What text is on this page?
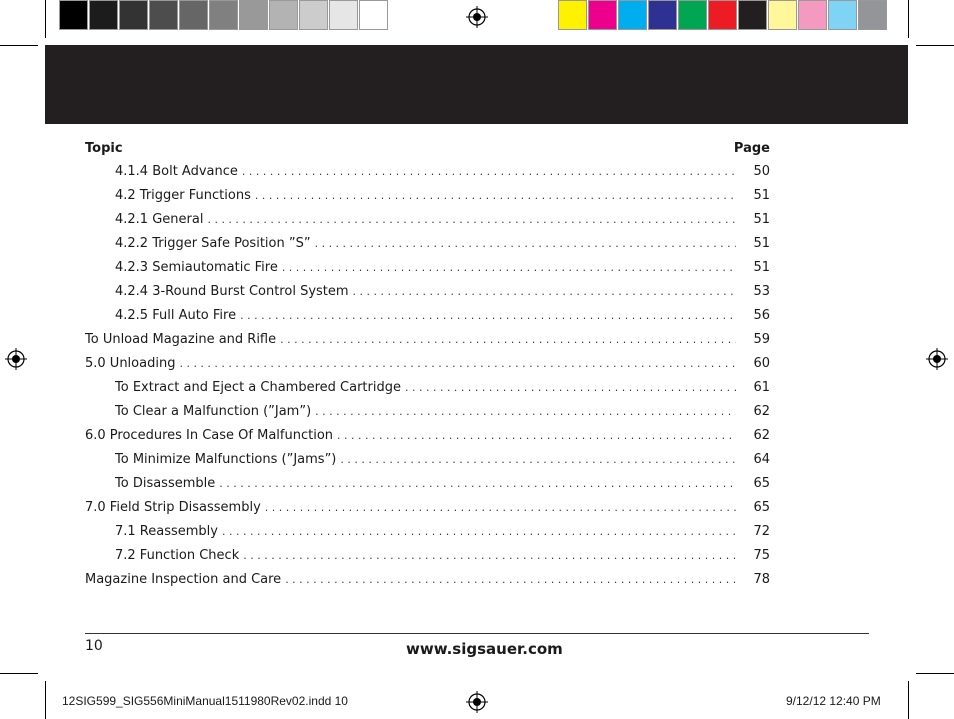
Topic	Page
4.1.4 Bolt Advance . . .	50
4.2 Trigger Functions . . .	51
4.2.1 General . . .	51
4.2.2 Trigger Safe Position ”S” . . .	51
4.2.3 Semiautomatic Fire . . .	51
4.2.4 3-Round Burst Control System . . .	53
4.2.5 Full Auto Fire . . .	56
To Unload Magazine and Rifle . . .	59
5.0 Unloading . . .	60
To Extract and Eject a Chambered Cartridge . . .	61
To Clear a Malfunction (”Jam”) . . .	62
6.0 Procedures In Case Of Malfunction . . .	62
To Minimize Malfunctions (”Jams”) . . .	64
To Disassemble . . .	65
7.0 Field Strip Disassembly . . .	65
7.1 Reassembly . . .	72
7.2 Function Check . . .	75
Magazine Inspection and Care . . .	78
10	www.sigsauer.com
12SIG599_SIG556MiniManual1511980Rev02.indd 10	9/12/12 12:40 PM
